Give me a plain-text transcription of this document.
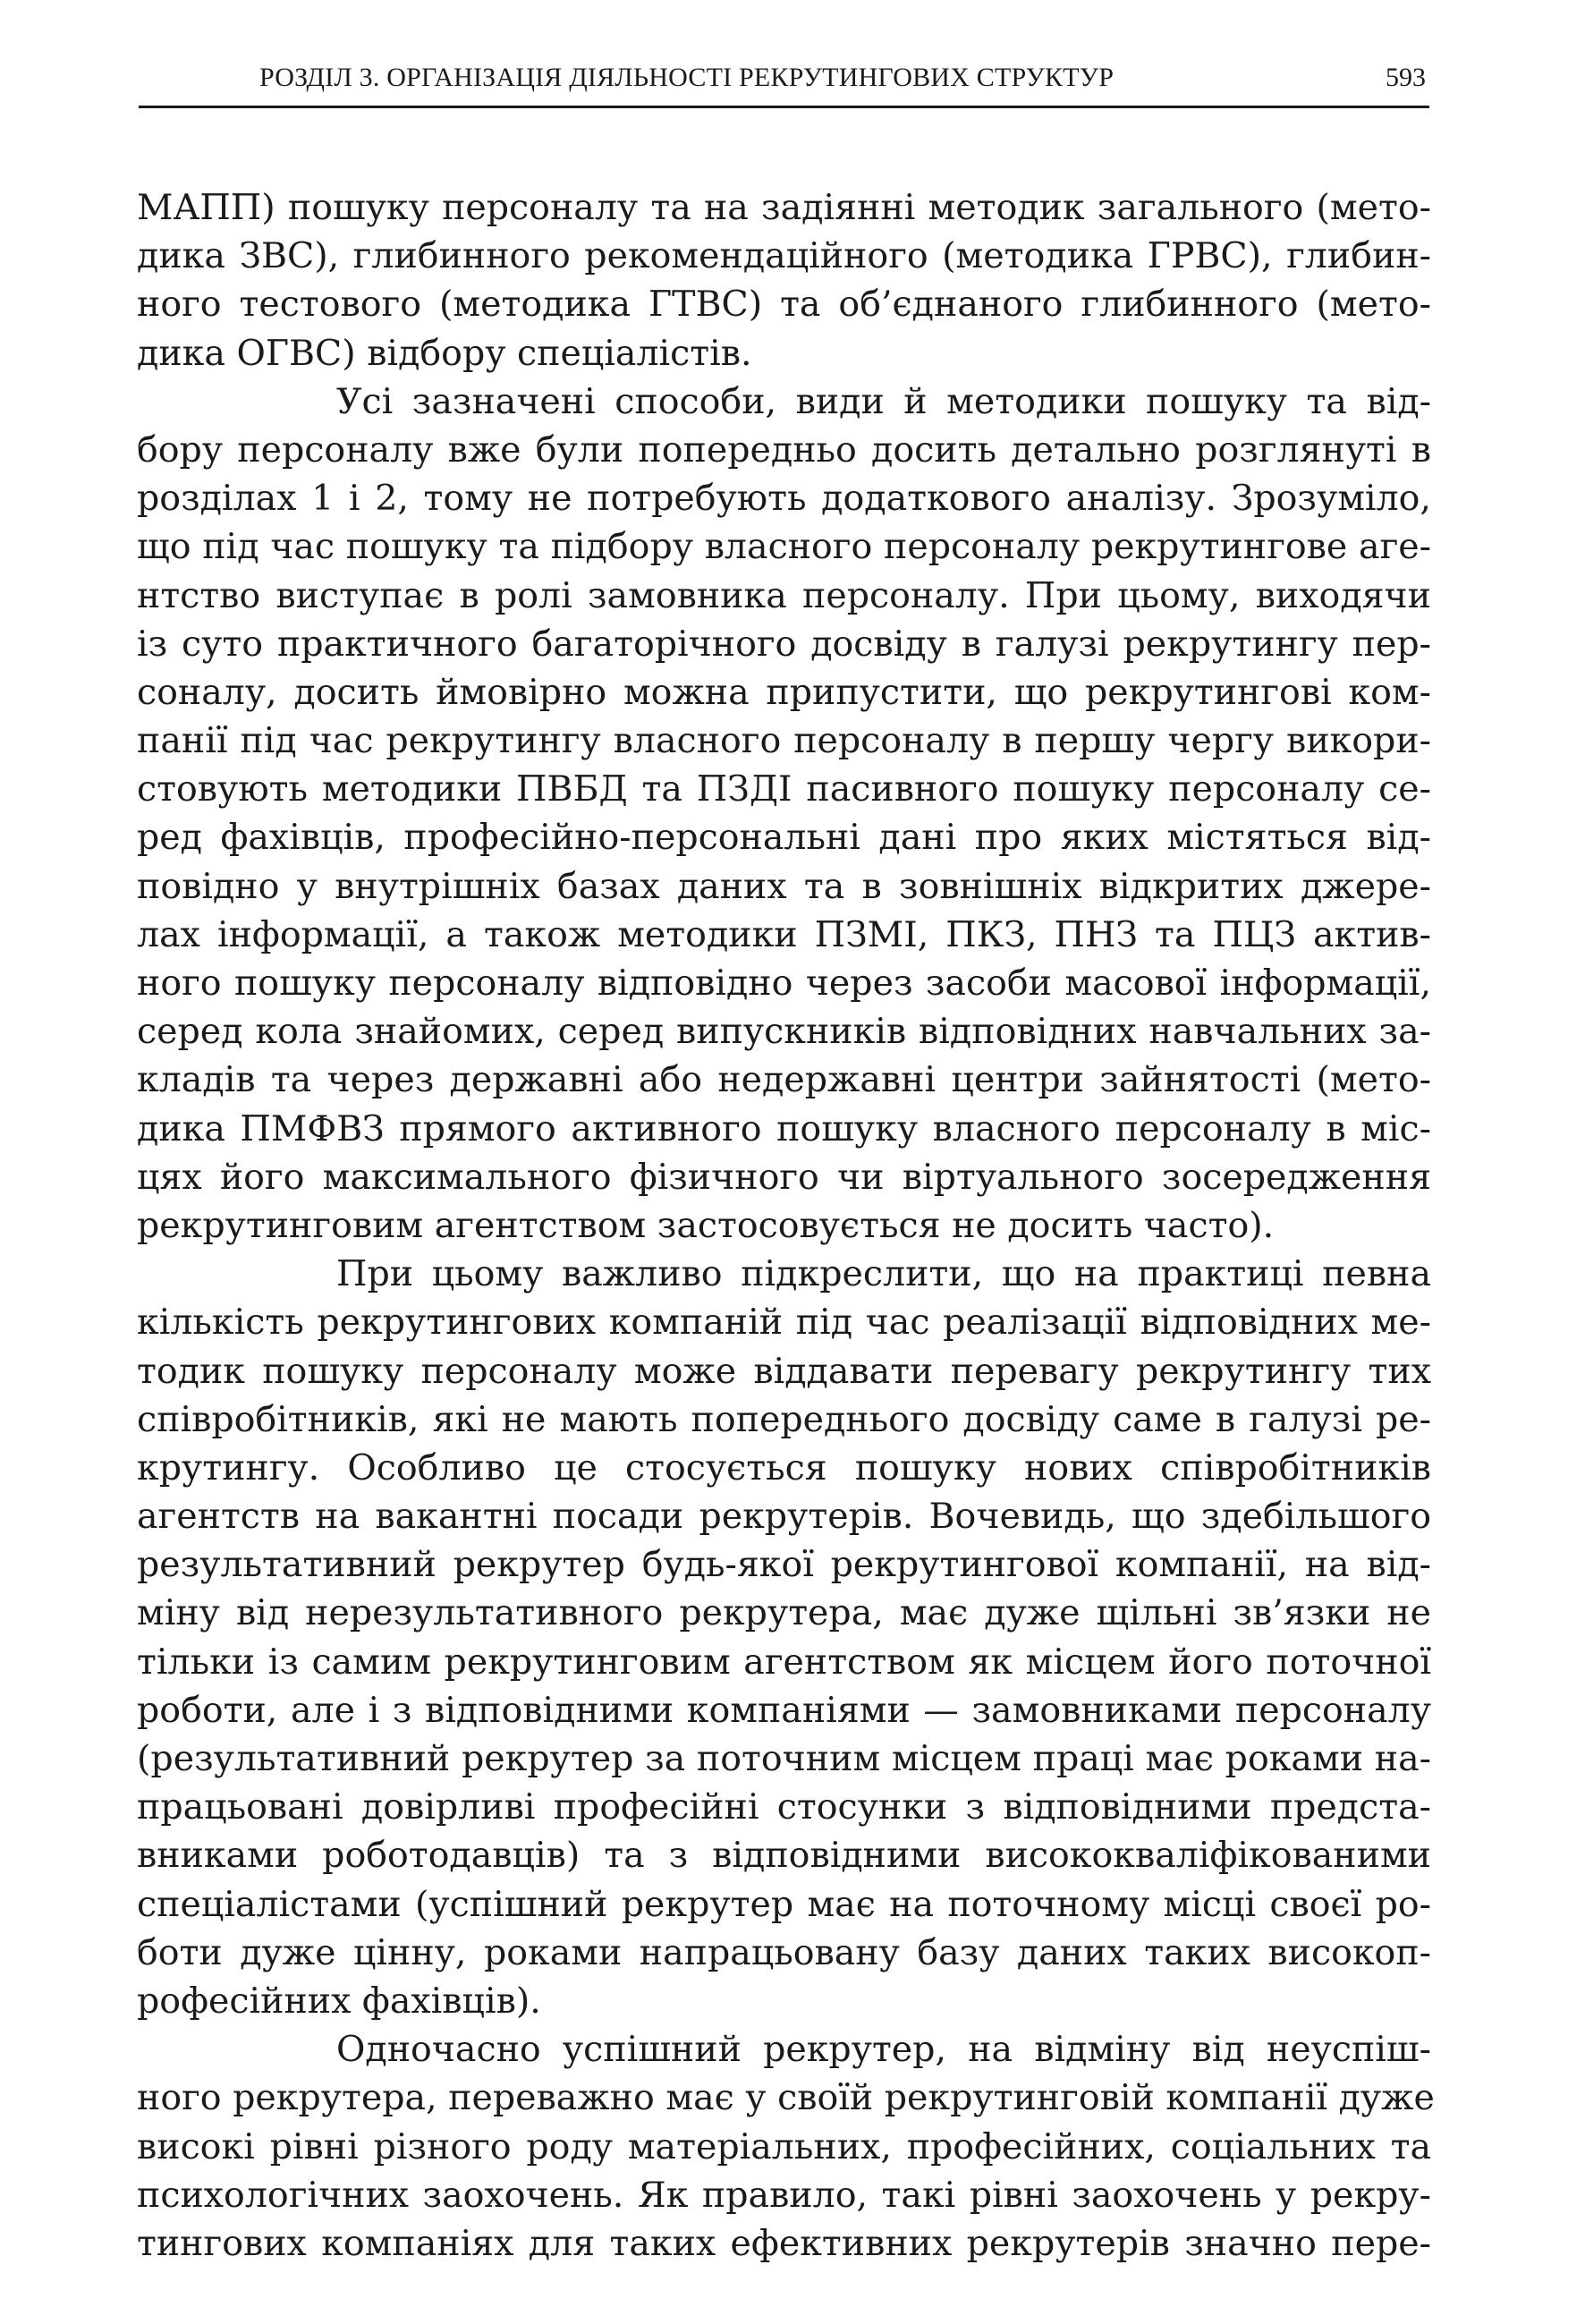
РОЗДІЛ 3. ОРГАНІЗАЦІЯ ДІЯЛЬНОСТІ РЕКРУТИНГОВИХ СТРУКТУР	593
МАПП) пошуку персоналу та на задіянні методик загального (мето-
дика ЗВС), глибинного рекомендаційного (методика ГРВС), глибин-
ного тестового (методика ГТВС) та об’єднаного глибинного (мето-
дика ОГВС) відбору спеціалістів.
Усі зазначені способи, види й методики пошуку та від-
бору персоналу вже були попередньо досить детально розглянуті в
розділах 1 і 2, тому не потребують додаткового аналізу. Зрозуміло,
що під час пошуку та підбору власного персоналу рекрутингове аге-
нтство виступає в ролі замовника персоналу. При цьому, виходячи
із суто практичного багаторічного досвіду в галузі рекрутингу пер-
соналу, досить ймовірно можна припустити, що рекрутингові ком-
панії під час рекрутингу власного персоналу в першу чергу викори-
стовують методики ПВБД та ПЗДІ пасивного пошуку персоналу се-
ред фахівців, професійно-персональні дані про яких містяться від-
повідно у внутрішніх базах даних та в зовнішніх відкритих джере-
лах інформації, а також методики ПЗМІ, ПКЗ, ПНЗ та ПЦЗ актив-
ного пошуку персоналу відповідно через засоби масової інформації,
серед кола знайомих, серед випускників відповідних навчальних за-
кладів та через державні або недержавні центри зайнятості (мето-
дика ПМФВЗ прямого активного пошуку власного персоналу в міс-
цях його максимального фізичного чи віртуального зосередження
рекрутинговим агентством застосовується не досить часто).
При цьому важливо підкреслити, що на практиці певна
кількість рекрутингових компаній під час реалізації відповідних ме-
тодик пошуку персоналу може віддавати перевагу рекрутингу тих
співробітників, які не мають попереднього досвіду саме в галузі ре-
крутингу. Особливо це стосується пошуку нових співробітників
агентств на вакантні посади рекрутерів. Вочевидь, що здебільшого
результативний рекрутер будь-якої рекрутингової компанії, на від-
міну від нерезультативного рекрутера, має дуже щільні зв’язки не
тільки із самим рекрутинговим агентством як місцем його поточної
роботи, але і з відповідними компаніями — замовниками персоналу
(результативний рекрутер за поточним місцем праці має роками на-
працьовані довірливі професійні стосунки з відповідними предста-
вниками роботодавців) та з відповідними висококваліфікованими
спеціалістами (успішний рекрутер має на поточному місці своєї ро-
боти дуже цінну, роками напрацьовану базу даних таких високоп-
рофесійних фахівців).
Одночасно успішний рекрутер, на відміну від неуспіш-
ного рекрутера, переважно має у своїй рекрутинговій компанії дуже
високі рівні різного роду матеріальних, професійних, соціальних та
психологічних заохочень. Як правило, такі рівні заохочень у рекру-
тингових компаніях для таких ефективних рекрутерів значно пере-
